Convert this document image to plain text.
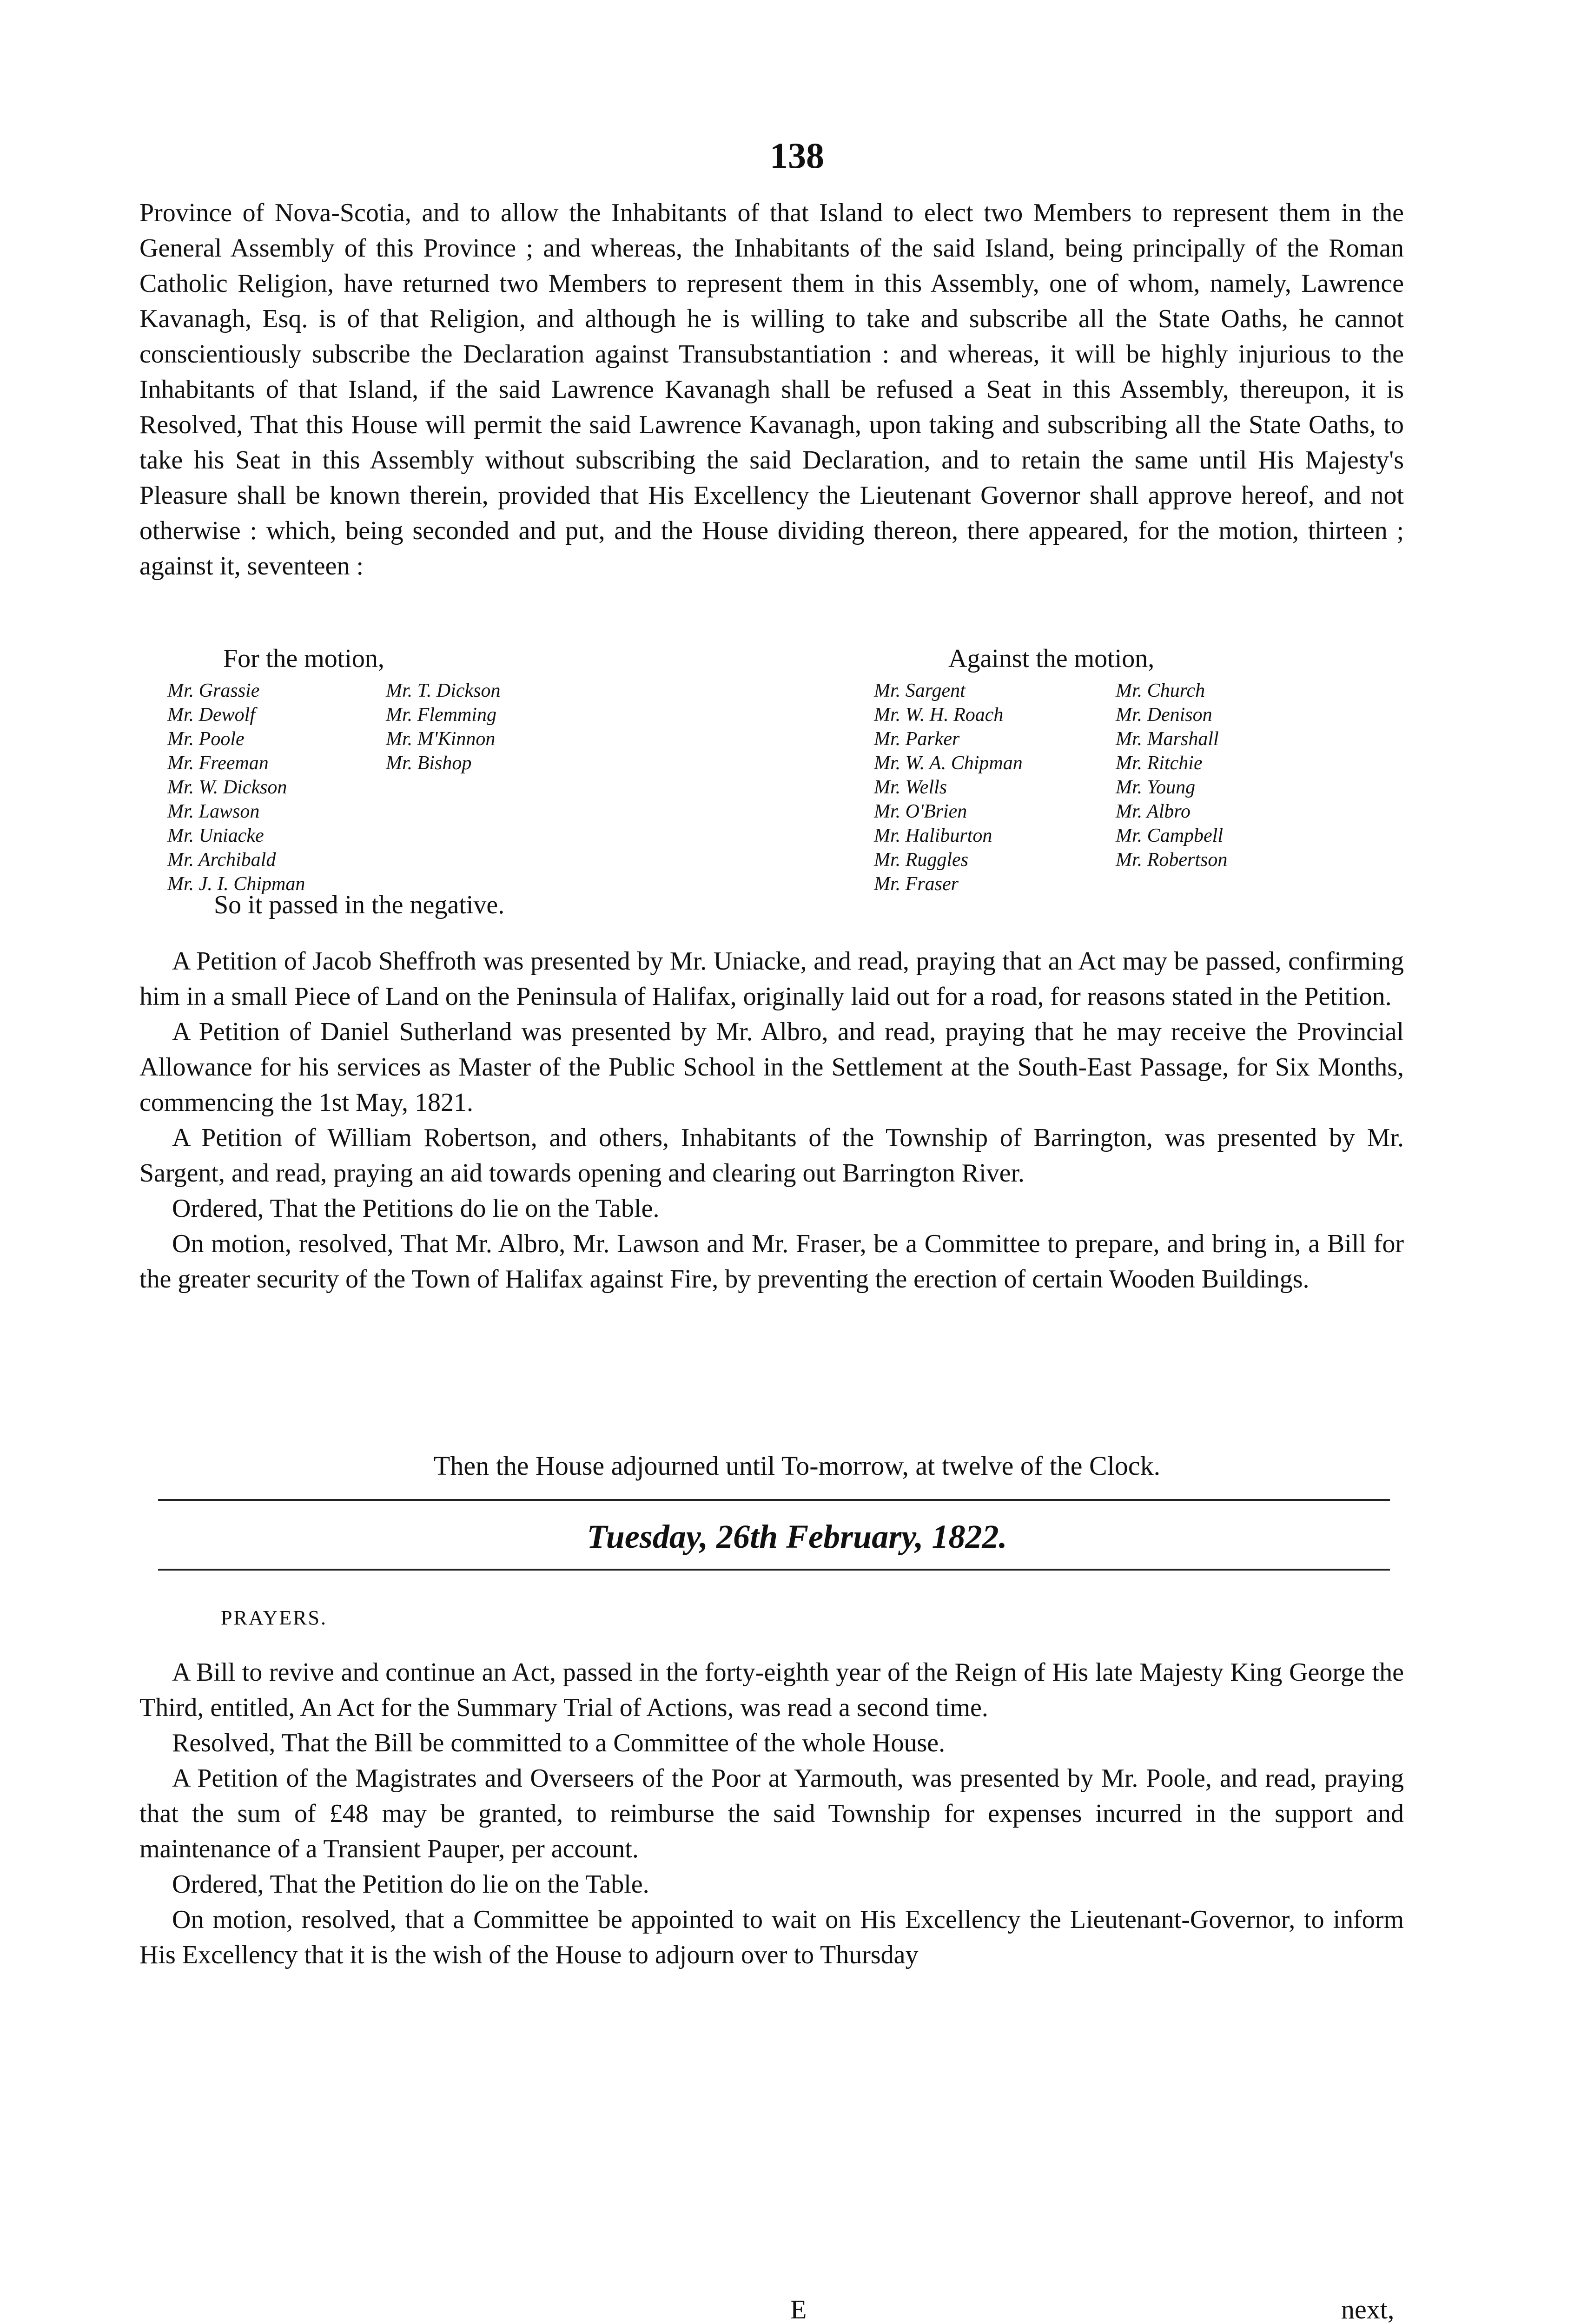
138

Province of Nova-Scotia, and to allow the Inhabitants of that Island to elect two Members to represent them in the General Assembly of this Province ; and whereas, the Inhabitants of the said Island, being principally of the Roman Catholic Religion, have returned two Members to represent them in this Assembly, one of whom, namely, Lawrence Kavanagh, Esq. is of that Religion, and although he is willing to take and subscribe all the State Oaths, he cannot conscientiously subscribe the Declaration against Transubstantiation : and whereas, it will be highly injurious to the Inhabitants of that Island, if the said Lawrence Kavanagh shall be refused a Seat in this Assembly, thereupon, it is Resolved, That this House will permit the said Lawrence Kavanagh, upon taking and subscribing all the State Oaths, to take his Seat in this Assembly without subscribing the said Declaration, and to retain the same until His Majesty's Pleasure shall be known therein, provided that His Excellency the Lieutenant Governor shall approve hereof, and not otherwise : which, being seconded and put, and the House dividing thereon, there appeared, for the motion, thirteen ; against it, seventeen :

For the motion,	Against the motion,
Mr. Grassie
Mr. Dewolf
Mr. Poole
Mr. Freeman
Mr. W. Dickson
Mr. Lawson
Mr. Uniacke
Mr. Archibald
Mr. J. I. Chipman
Mr. T. Dickson
Mr. Flemming
Mr. M'Kinnon
Mr. Bishop
Mr. Sargent
Mr. W. H. Roach
Mr. Parker
Mr. W. A. Chipman
Mr. Wells
Mr. O'Brien
Mr. Haliburton
Mr. Ruggles
Mr. Fraser
Mr. Church
Mr. Denison
Mr. Marshall
Mr. Ritchie
Mr. Young
Mr. Albro
Mr. Campbell
Mr. Robertson
So it passed in the negative.

A Petition of Jacob Sheffroth was presented by Mr. Uniacke, and read, praying that an Act may be passed, confirming him in a small Piece of Land on the Peninsula of Halifax, originally laid out for a road, for reasons stated in the Petition.

A Petition of Daniel Sutherland was presented by Mr. Albro, and read, praying that he may receive the Provincial Allowance for his services as Master of the Public School in the Settlement at the South-East Passage, for Six Months, commencing the 1st May, 1821.

A Petition of William Robertson, and others, Inhabitants of the Township of Barrington, was presented by Mr. Sargent, and read, praying an aid towards opening and clearing out Barrington River.

Ordered, That the Petitions do lie on the Table.

On motion, resolved, That Mr. Albro, Mr. Lawson and Mr. Fraser, be a Committee to prepare, and bring in, a Bill for the greater security of the Town of Halifax against Fire, by preventing the erection of certain Wooden Buildings.

Then the House adjourned until To-morrow, at twelve of the Clock.
Tuesday, 26th February, 1822.
PRAYERS.

A Bill to revive and continue an Act, passed in the forty-eighth year of the Reign of His late Majesty King George the Third, entitled, An Act for the Summary Trial of Actions, was read a second time.

Resolved, That the Bill be committed to a Committee of the whole House.

A Petition of the Magistrates and Overseers of the Poor at Yarmouth, was presented by Mr. Poole, and read, praying that the sum of £48 may be granted, to reimburse the said Township for expenses incurred in the support and maintenance of a Transient Pauper, per account.

Ordered, That the Petition do lie on the Table.

On motion, resolved, that a Committee be appointed to wait on His Excellency the Lieutenant-Governor, to inform His Excellency that it is the wish of the House to adjourn over to Thursday

E	next,
